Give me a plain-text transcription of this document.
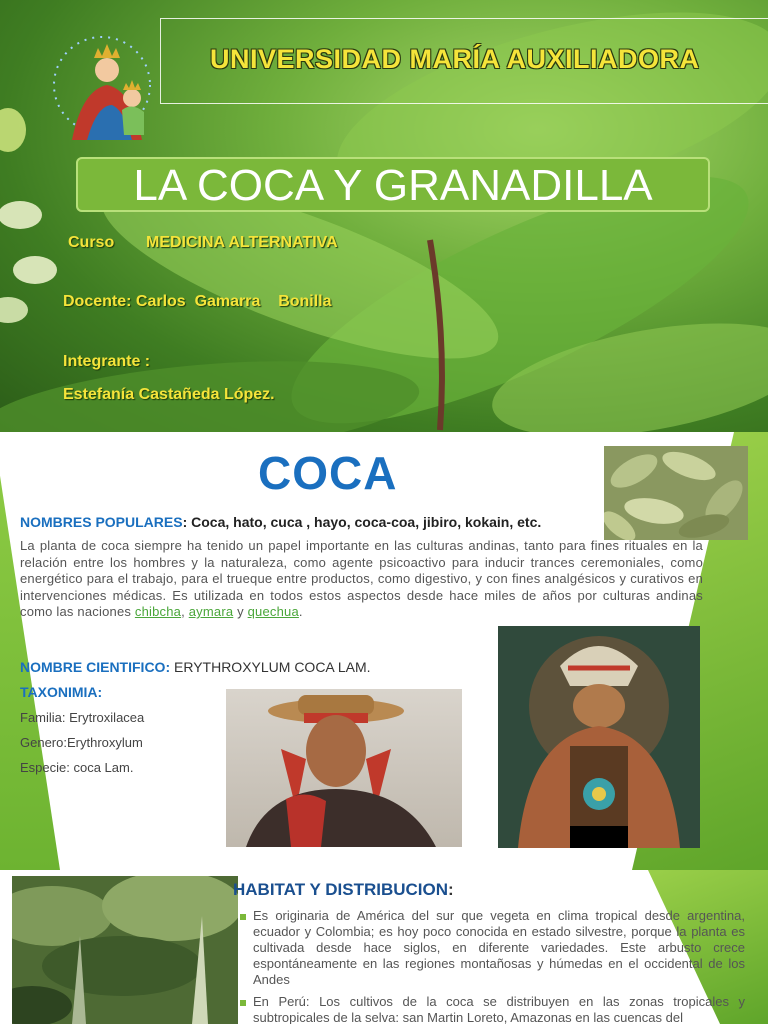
UNIVERSIDAD MARÍA AUXILIADORA
LA COCA Y GRANADILLA
Curso MEDICINA ALTERNATIVA
Docente: Carlos  Gamarra    Bonilla
Integrante :
Estefanía Castañeda López.
COCA
NOMBRES POPULARES: Coca, hato, cuca , hayo, coca-coa, jibiro, kokain, etc.
La planta de coca siempre ha tenido un papel importante en las culturas andinas, tanto para fines rituales en la relación entre los hombres y la naturaleza, como agente psicoactivo para inducir trances ceremoniales, como energético para el trabajo, para el trueque entre productos, como digestivo, y con fines analgésicos y curativos en intervenciones médicas. Es utilizada en todos estos aspectos desde hace miles de años por culturas andinas como las naciones chibcha, aymara y quechua.
NOMBRE CIENTIFICO: ERYTHROXYLUM COCA LAM.
TAXONIMIA:
Familia: Erytroxilacea
Genero:Erythroxylum
Especie: coca Lam.
HABITAT Y DISTRIBUCION:
Es originaria de América del sur que vegeta en clima tropical desde argentina, ecuador y Colombia; es hoy poco conocida en estado silvestre, porque la planta es cultivada desde hace siglos, en diferente variedades. Este arbusto crece espontáneamente en las regiones montañosas y húmedas en el occidental de los Andes
En Perú: Los cultivos de la coca se distribuyen en las zonas tropicales y subtropicales de la selva: san Martin Loreto, Amazonas en las cuencas del
